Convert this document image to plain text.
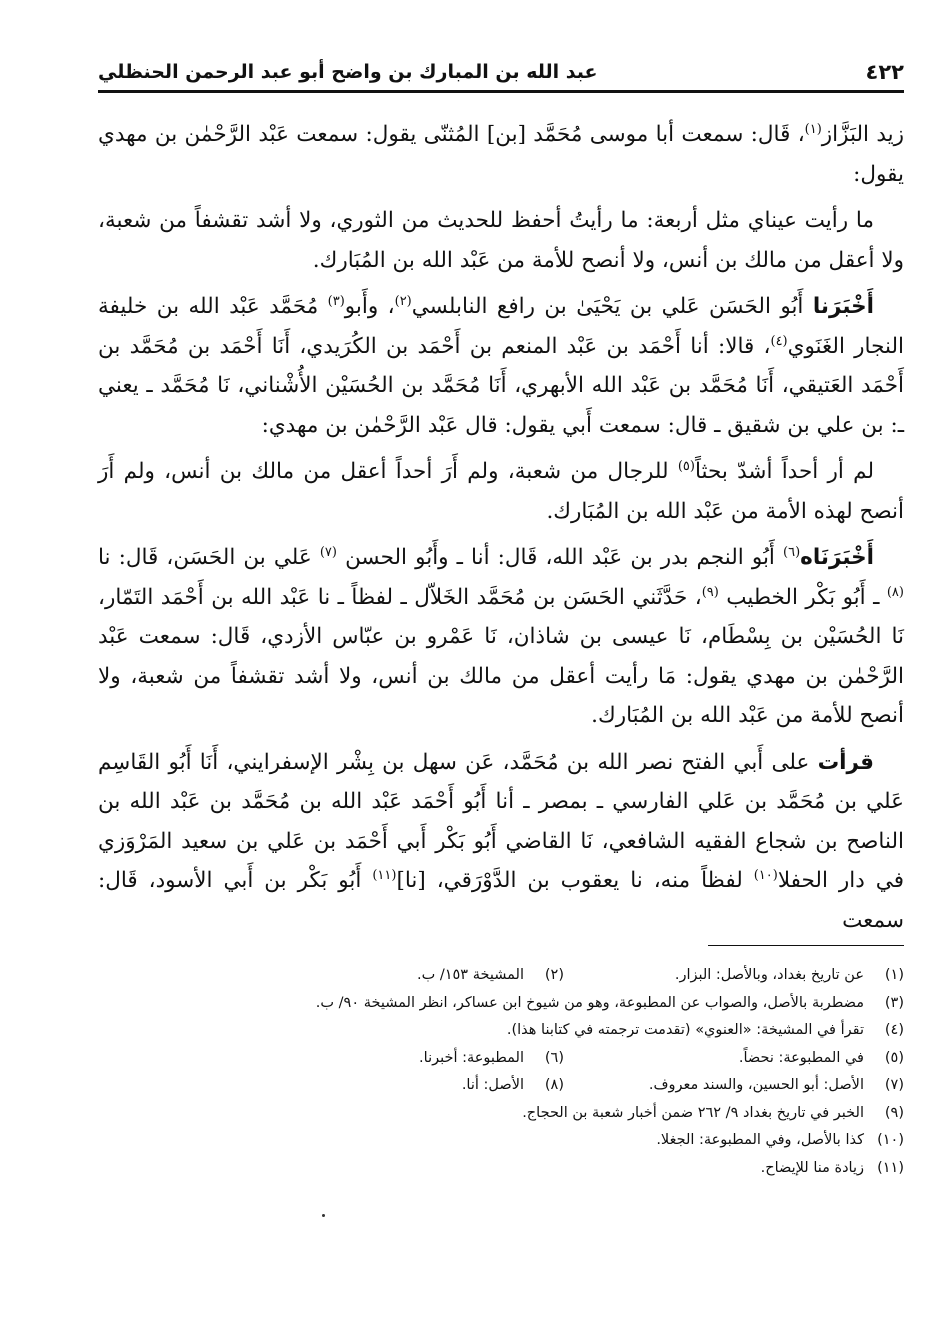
٤٢٢
عبد الله بن المبارك بن واضح أبو عبد الرحمن الحنظلي

زيد البَزَّاز$^{(١)}$، قَال: سمعت أبا موسى مُحَمَّد [بن] المُثنّى يقول: سمعت عَبْد الرَّحْمٰن بن مهدي يقول:

ما رأيت عيناي مثل أربعة: ما رأيتُ أحفظ للحديث من الثوري، ولا أشد تقشفاً من شعبة، ولا أعقل من مالك بن أنس، ولا أنصح للأمة من عَبْد الله بن المُبَارك.

أَخْبَرَنا أَبُو الحَسَن عَلي بن يَحْيَىٰ بن رافع النابلسي$^{(٢)}$، وأَبو$^{(٣)}$ مُحَمَّد عَبْد الله بن خليفة النجار الغَنَوي$^{(٤)}$، قالا: أنا أَحْمَد بن عَبْد المنعم بن أَحْمَد بن الكُرَيدي، أَنَا أَحْمَد بن مُحَمَّد بن أَحْمَد العَتيقي، أَنَا مُحَمَّد بن عَبْد الله الأبهري، أَنَا مُحَمَّد بن الحُسَيْن الأُشْناني، نَا مُحَمَّد ـ يعني ـ: بن علي بن شقيق ـ قال: سمعت أَبي يقول: قال عَبْد الرَّحْمٰن بن مهدي:

لم أر أحداً أشدّ بحثاً$^{(٥)}$ للرجال من شعبة، ولم أَرَ أحداً أعقل من مالك بن أنس، ولم أَرَ أنصح لهذه الأمة من عَبْد الله بن المُبَارك.

أَخْبَرَنَاه$^{(٦)}$ أَبُو النجم بدر بن عَبْد الله، قَال: أنا ـ وأَبُو الحسن $^{(٧)}$ عَلي بن الحَسَن، قَال: نا $^{(٨)}$ ـ أَبُو بَكْر الخطيب $^{(٩)}$، حَدَّثَني الحَسَن بن مُحَمَّد الخَلاّل ـ لفظاً ـ نا عَبْد الله بن أَحْمَد التَمّار، نَا الحُسَيْن بن بِسْطَام، نَا عيسى بن شاذان، نَا عَمْرو بن عبّاس الأزدي، قَال: سمعت عَبْد الرَّحْمٰن بن مهدي يقول: مَا رأيت أعقل من مالك بن أنس، ولا أشد تقشفاً من شعبة، ولا أنصح للأمة من عَبْد الله بن المُبَارك.

قرأت على أَبي الفتح نصر الله بن مُحَمَّد، عَن سهل بن بِشْر الإسفرايني، أَنَا أَبُو القَاسِم عَلي بن مُحَمَّد بن عَلي الفارسي ـ بمصر ـ أنا أَبُو أَحْمَد عَبْد الله بن مُحَمَّد بن عَبْد الله بن الناصح بن شجاع الفقيه الشافعي، نَا القاضي أَبُو بَكْر أَبي أَحْمَد بن عَلي بن سعيد المَرْوَزي في دار الحفلا$^{(١٠)}$ لفظاً منه، نا يعقوب بن الدَّوْرَقي، [نا]$^{(١١)}$ أَبُو بَكْر بن أَبي الأسود، قَال: سمعت

(١)
عن تاريخ بغداد، وبالأصل: البزار.
(٢)
المشيخة ١٥٣/ ب.
(٣)
مضطربة بالأصل، والصواب عن المطبوعة، وهو من شيوخ ابن عساكر، انظر المشيخة ٩٠/ ب.
(٤)
تقرأ في المشيخة: «العنوي» (تقدمت ترجمته في كتابنا هذا).
(٥)
في المطبوعة: نحضاً.
(٦)
المطبوعة: أخبرنا.
(٧)
الأصل: أبو الحسين، والسند معروف.
(٨)
الأصل: أنا.
(٩)
الخبر في تاريخ بغداد ٩/ ٢٦٢ ضمن أخبار شعبة بن الحجاج.
(١٠)
كذا بالأصل، وفي المطبوعة: الجغلا.
(١١)
زيادة منا للإيضاح.
